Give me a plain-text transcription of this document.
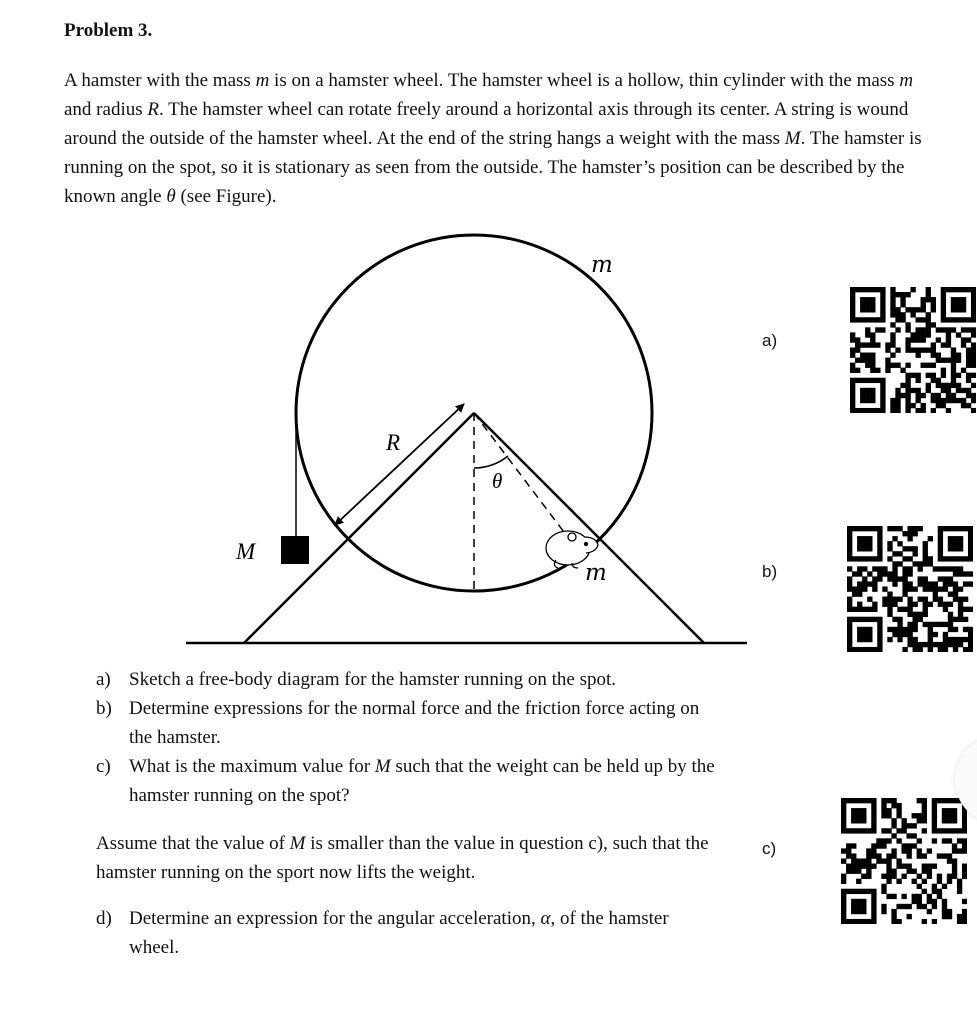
Problem 3.

A hamster with the mass m is on a hamster wheel. The hamster wheel is a hollow, thin cylinder with the mass m and radius R. The hamster wheel can rotate freely around a horizontal axis through its center. A string is wound around the outside of the hamster wheel. At the end of the string hangs a weight with the mass M. The hamster is running on the spot, so it is stationary as seen from the outside. The hamster’s position can be described by the known angle θ (see Figure).

m
R
θ
M
m
a)
b)
c)
a) Sketch a free-body diagram for the hamster running on the spot.
b) Determine expressions for the normal force and the friction force acting on the hamster.
c) What is the maximum value for M such that the weight can be held up by the hamster running on the spot?

Assume that the value of M is smaller than the value in question c), such that the hamster running on the sport now lifts the weight.

d) Determine an expression for the angular acceleration, α, of the hamster wheel.
